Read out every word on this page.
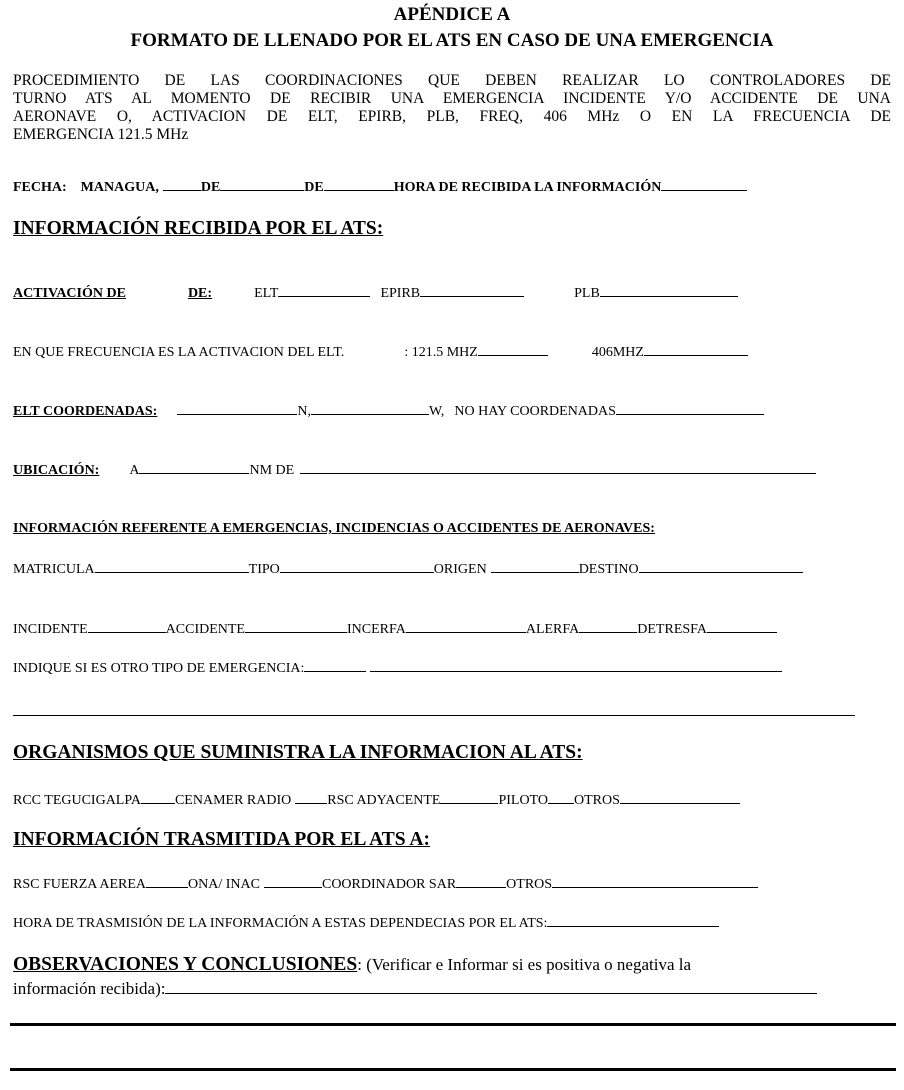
APÉNDICE A
FORMATO DE LLENADO POR EL ATS EN CASO DE UNA EMERGENCIA
PROCEDIMIENTO DE LAS COORDINACIONES QUE DEBEN REALIZAR LO CONTROLADORES DE
TURNO ATS AL MOMENTO DE RECIBIR UNA EMERGENCIA INCIDENTE Y/O ACCIDENTE DE UNA
AERONAVE O, ACTIVACION DE ELT, EPIRB, PLB, FREQ, 406 MHz O EN LA FRECUENCIA DE
EMERGENCIA 121.5 MHz
FECHA: MANAGUA,	DE	DE	HORA DE RECIBIDA LA INFORMACIÓN
INFORMACIÓN RECIBIDA POR EL ATS:
ACTIVACIÓN DE	DE:	ELT	EPIRB	PLB
EN QUE FRECUENCIA ES LA ACTIVACION DEL ELT.	: 121.5 MHZ	406MHZ
ELT COORDENADAS:	N,	W, NO HAY COORDENADAS
UBICACIÓN: A	NM DE
INFORMACIÓN REFERENTE A EMERGENCIAS, INCIDENCIAS O ACCIDENTES DE AERONAVES:
MATRICULA	TIPO	ORIGEN	DESTINO
INCIDENTE	ACCIDENTE	INCERFA	ALERFA	DETRESFA
INDIQUE SI ES OTRO TIPO DE EMERGENCIA:
ORGANISMOS QUE SUMINISTRA LA INFORMACION AL ATS:
RCC TEGUCIGALPA CENAMER RADIO	RSC ADYACENTE	PILOTO OTROS
INFORMACIÓN TRASMITIDA POR EL ATS A:
RSC FUERZA AEREA	ONA/ INAC	COORDINADOR SAR	OTROS
HORA DE TRASMISIÓN DE LA INFORMACIÓN A ESTAS DEPENDECIAS POR EL ATS:
OBSERVACIONES Y CONCLUSIONES: (Verificar e Informar si es positiva o negativa la
información recibida):
